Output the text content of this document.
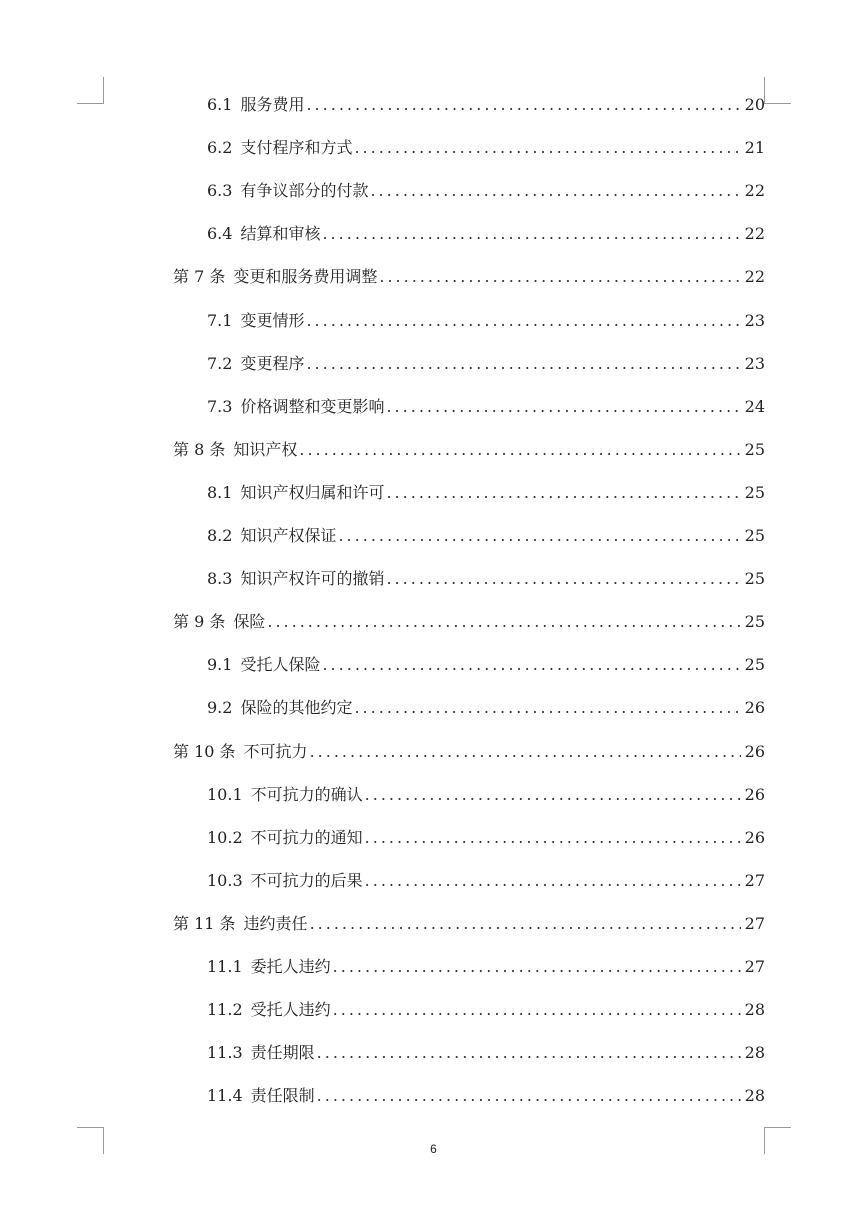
6.1 服务费用 .....	20
6.2 支付程序和方式 .....	21
6.3 有争议部分的付款 .....	22
6.4 结算和审核 .....	22
第 7 条 变更和服务费用调整 .....	22
7.1 变更情形 .....	23
7.2 变更程序 .....	23
7.3 价格调整和变更影响 .....	24
第 8 条 知识产权 .....	25
8.1 知识产权归属和许可 .....	25
8.2 知识产权保证 .....	25
8.3 知识产权许可的撤销 .....	25
第 9 条 保险 .....	25
9.1 受托人保险 .....	25
9.2 保险的其他约定 .....	26
第 10 条 不可抗力 .....	26
10.1 不可抗力的确认 .....	26
10.2 不可抗力的通知 .....	26
10.3 不可抗力的后果 .....	27
第 11 条 违约责任 .....	27
11.1 委托人违约 .....	27
11.2 受托人违约 .....	28
11.3 责任期限 .....	28
11.4 责任限制 .....	28
6
